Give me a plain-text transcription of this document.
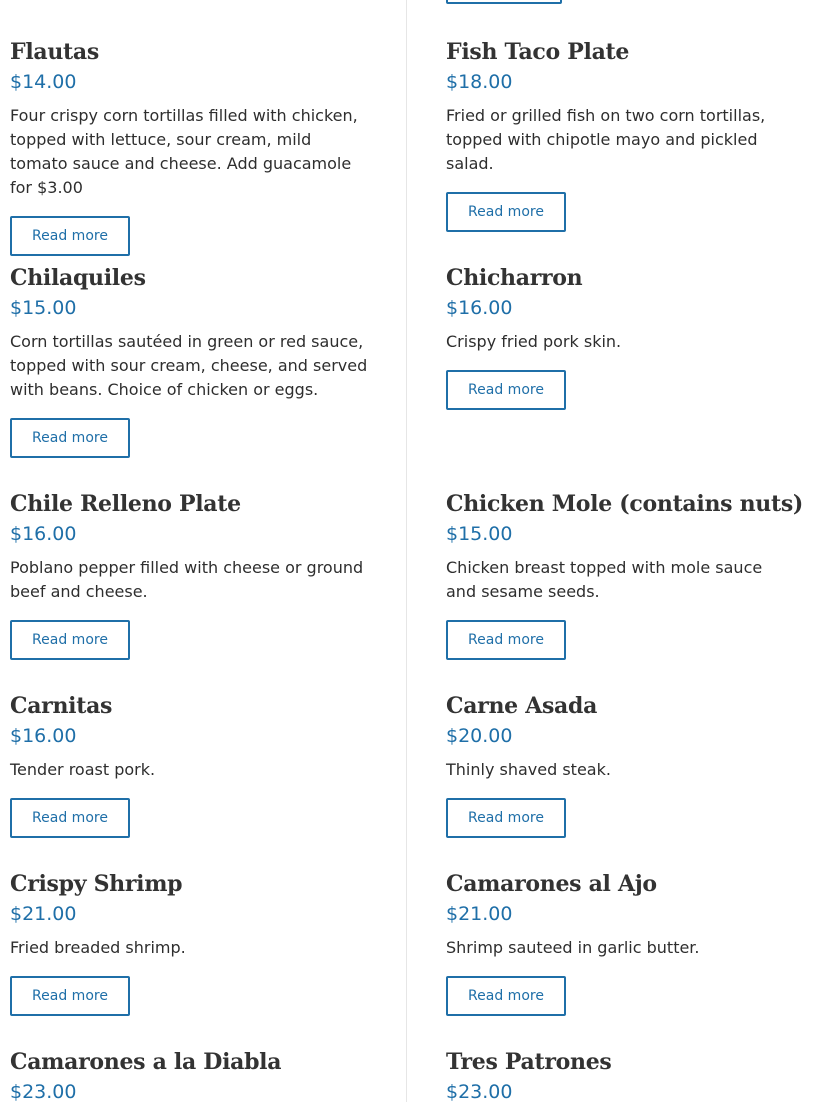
Flautas
$14.00
Four crispy corn tortillas filled with chicken, topped with lettuce, sour cream, mild tomato sauce and cheese. Add guacamole for $3.00
Read more
Fish Taco Plate
$18.00
Fried or grilled fish on two corn tortillas, topped with chipotle mayo and pickled salad.
Read more
Chilaquiles
$15.00
Corn tortillas sautéed in green or red sauce, topped with sour cream, cheese, and served with beans. Choice of chicken or eggs.
Read more
Chicharron
$16.00
Crispy fried pork skin.
Read more
Chile Relleno Plate
$16.00
Poblano pepper filled with cheese or ground beef and cheese.
Read more
Chicken Mole (contains nuts)
$15.00
Chicken breast topped with mole sauce and sesame seeds.
Read more
Carnitas
$16.00
Tender roast pork.
Read more
Carne Asada
$20.00
Thinly shaved steak.
Read more
Crispy Shrimp
$21.00
Fried breaded shrimp.
Read more
Camarones al Ajo
$21.00
Shrimp sauteed in garlic butter.
Read more
Camarones a la Diabla
$23.00
Tres Patrones
$23.00
